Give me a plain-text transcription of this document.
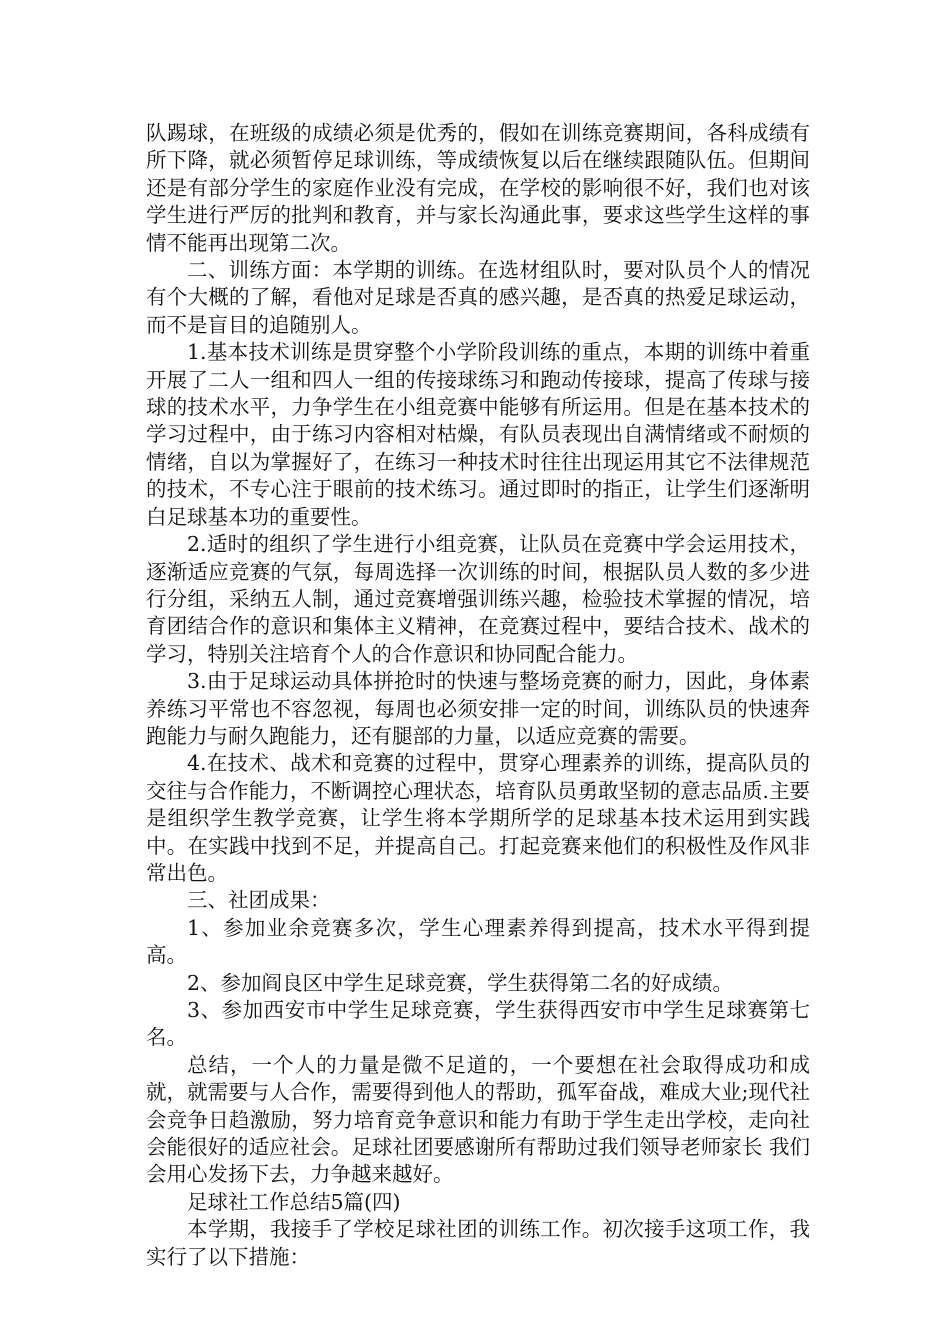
队踢球，在班级的成绩必须是优秀的，假如在训练竞赛期间，各科成绩有所下降，就必须暂停足球训练，等成绩恢复以后在继续跟随队伍。但期间还是有部分学生的家庭作业没有完成，在学校的影响很不好，我们也对该学生进行严厉的批判和教育，并与家长沟通此事，要求这些学生这样的事情不能再出现第二次。

二、训练方面：本学期的训练。在选材组队时，要对队员个人的情况有个大概的了解，看他对足球是否真的感兴趣，是否真的热爱足球运动，而不是盲目的追随别人。

1.基本技术训练是贯穿整个小学阶段训练的重点，本期的训练中着重开展了二人一组和四人一组的传接球练习和跑动传接球，提高了传球与接球的技术水平，力争学生在小组竞赛中能够有所运用。但是在基本技术的学习过程中，由于练习内容相对枯燥，有队员表现出自满情绪或不耐烦的情绪，自以为掌握好了，在练习一种技术时往往出现运用其它不法律规范的技术，不专心注于眼前的技术练习。通过即时的指正，让学生们逐渐明白足球基本功的重要性。

2.适时的组织了学生进行小组竞赛，让队员在竞赛中学会运用技术，逐渐适应竞赛的气氛，每周选择一次训练的时间，根据队员人数的多少进行分组，采纳五人制，通过竞赛增强训练兴趣，检验技术掌握的情况，培育团结合作的意识和集体主义精神，在竞赛过程中，要结合技术、战术的学习，特别关注培育个人的合作意识和协同配合能力。

3.由于足球运动具体拼抢时的快速与整场竞赛的耐力，因此，身体素养练习平常也不容忽视，每周也必须安排一定的时间，训练队员的快速奔跑能力与耐久跑能力，还有腿部的力量，以适应竞赛的需要。

4.在技术、战术和竞赛的过程中，贯穿心理素养的训练，提高队员的交往与合作能力，不断调控心理状态，培育队员勇敢坚韧的意志品质.主要是组织学生教学竞赛，让学生将本学期所学的足球基本技术运用到实践中。在实践中找到不足，并提高自己。打起竞赛来他们的积极性及作风非常出色。

三、社团成果：

1、参加业余竞赛多次，学生心理素养得到提高，技术水平得到提高。

2、参加阎良区中学生足球竞赛，学生获得第二名的好成绩。

3、参加西安市中学生足球竞赛，学生获得西安市中学生足球赛第七名。

总结，一个人的力量是微不足道的，一个要想在社会取得成功和成就，就需要与人合作，需要得到他人的帮助，孤军奋战，难成大业;现代社会竞争日趋激励，努力培育竞争意识和能力有助于学生走出学校，走向社会能很好的适应社会。足球社团要感谢所有帮助过我们领导老师家长 我们会用心发扬下去，力争越来越好。

足球社工作总结5篇(四)

本学期，我接手了学校足球社团的训练工作。初次接手这项工作，我实行了以下措施：
